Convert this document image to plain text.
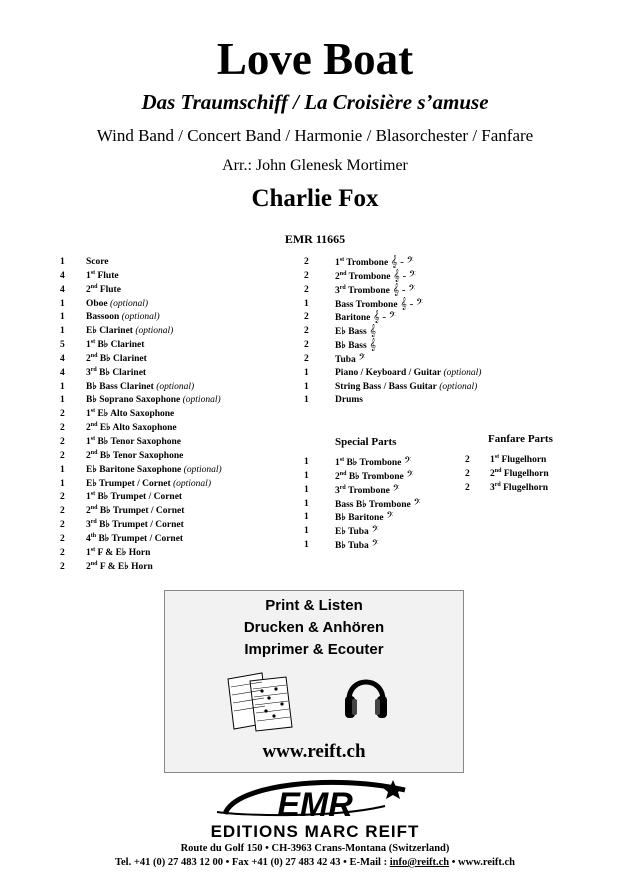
Love Boat
Das Traumschiff / La Croisière s’amuse
Wind Band / Concert Band / Harmonie / Blasorchester / Fanfare
Arr.: John Glenesk Mortimer
Charlie Fox
EMR 11665
1	Score
4	1st Flute
4	2nd Flute
1	Oboe (optional)
1	Bassoon (optional)
1	E♭ Clarinet (optional)
5	1st B♭ Clarinet
4	2nd B♭ Clarinet
4	3rd B♭ Clarinet
1	B♭ Bass Clarinet (optional)
1	B♭ Soprano Saxophone (optional)
2	1st E♭ Alto Saxophone
2	2nd E♭ Alto Saxophone
2	1st B♭ Tenor Saxophone
2	2nd B♭ Tenor Saxophone
1	E♭ Baritone Saxophone (optional)
1	E♭ Trumpet / Cornet (optional)
2	1st B♭ Trumpet / Cornet
2	2nd B♭ Trumpet / Cornet
2	3rd B♭ Trumpet / Cornet
2	4th B♭ Trumpet / Cornet
2	1st F & E♭ Horn
2	2nd F & E♭ Horn
2	1st Trombone 𝄞 - 𝄢
2	2nd Trombone 𝄞 - 𝄢
2	3rd Trombone 𝄞 - 𝄢
1	Bass Trombone 𝄞 - 𝄢
2	Baritone 𝄞 - 𝄢
2	E♭ Bass 𝄞
2	B♭ Bass 𝄞
2	Tuba 𝄢
1	Piano / Keyboard / Guitar (optional)
1	String Bass / Bass Guitar (optional)
1	Drums
Special Parts
1	1st B♭ Trombone 𝄢
1	2nd B♭ Trombone 𝄢
1	3rd Trombone 𝄢
1	Bass B♭ Trombone 𝄢
1	B♭ Baritone 𝄢
1	E♭ Tuba 𝄢
1	B♭ Tuba 𝄢
Fanfare Parts
2	1st Flugelhorn
2	2nd Flugelhorn
2	3rd Flugelhorn
Print & Listen
Drucken & Anhören
Imprimer & Ecouter
www.reift.ch
EMR
EDITIONS MARC REIFT
Route du Golf 150 • CH-3963 Crans-Montana (Switzerland)
Tel. +41 (0) 27 483 12 00 • Fax +41 (0) 27 483 42 43 • E-Mail : info@reift.ch • www.reift.ch
